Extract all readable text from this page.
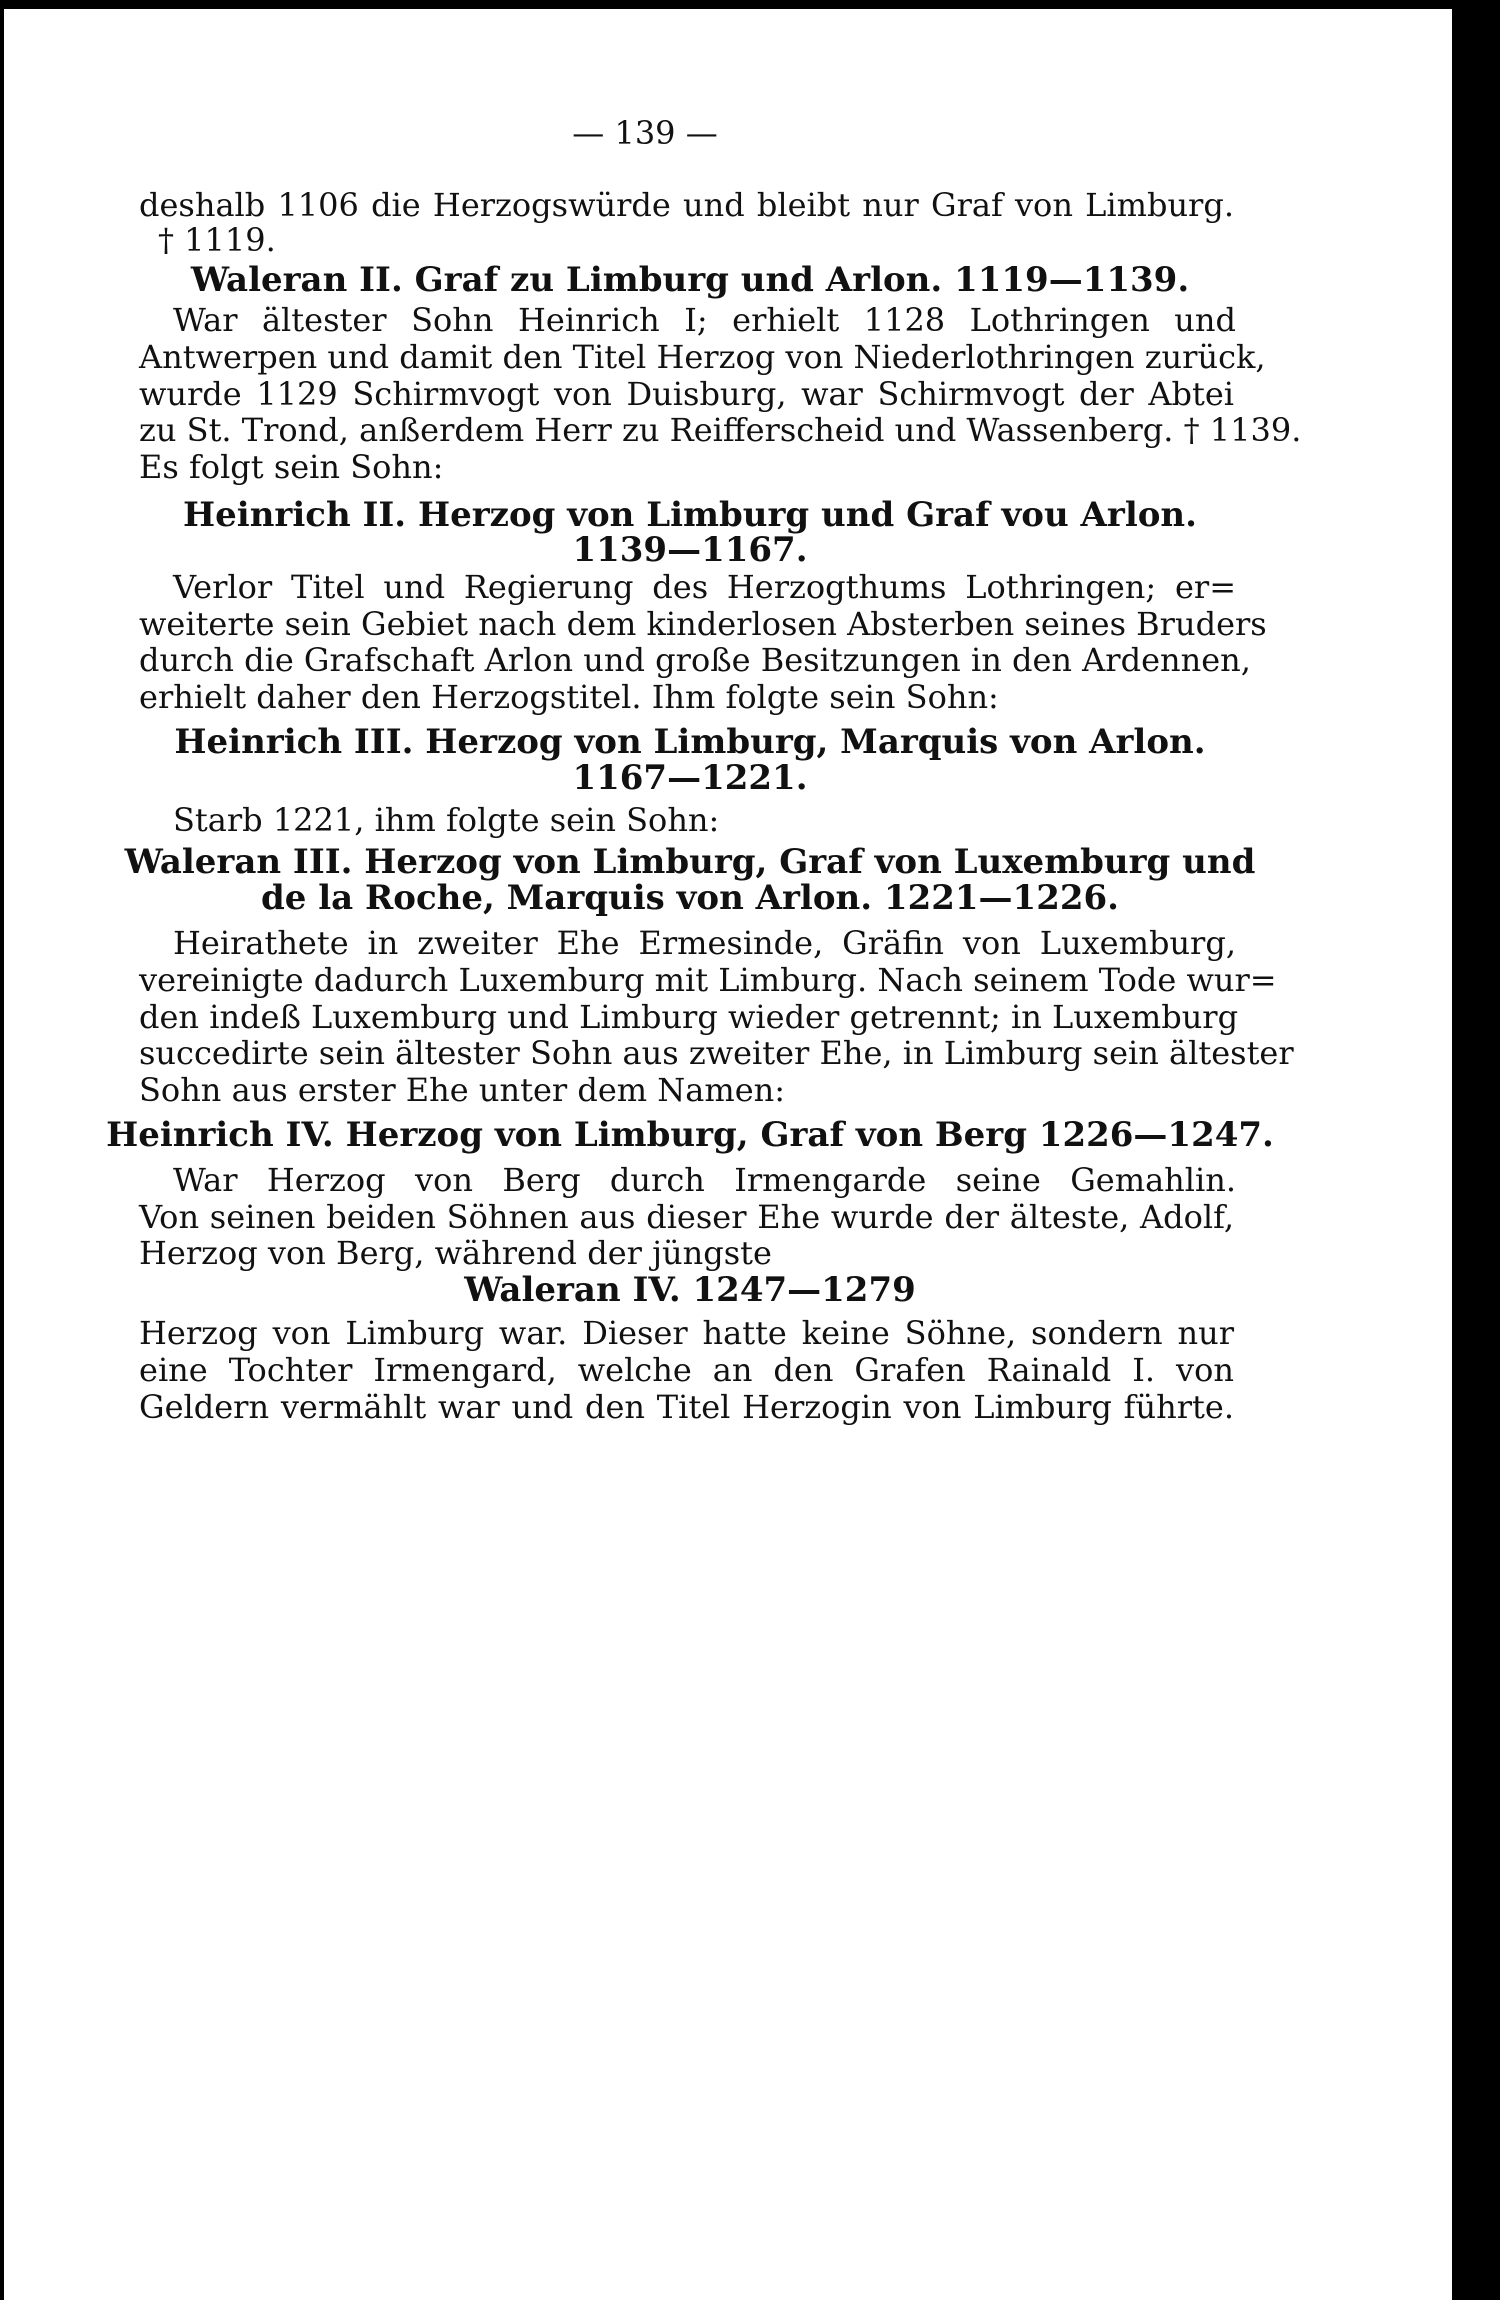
— 139 —
deshalb 1106 die Herzogswürde und bleibt nur Graf von Limburg.
† 1119.
Waleran II. Graf zu Limburg und Arlon. 1119—1139.
War ältester Sohn Heinrich I; erhielt 1128 Lothringen und
Antwerpen und damit den Titel Herzog von Niederlothringen zurück,
wurde 1129 Schirmvogt von Duisburg, war Schirmvogt der Abtei
zu St. Trond, anßerdem Herr zu Reifferscheid und Wassenberg. † 1139.
Es folgt sein Sohn:
Heinrich II. Herzog von Limburg und Graf vou Arlon.
1139—1167.
Verlor Titel und Regierung des Herzogthums Lothringen; er=
weiterte sein Gebiet nach dem kinderlosen Absterben seines Bruders
durch die Grafschaft Arlon und große Besitzungen in den Ardennen,
erhielt daher den Herzogstitel. Ihm folgte sein Sohn:
Heinrich III. Herzog von Limburg, Marquis von Arlon.
1167—1221.
Starb 1221, ihm folgte sein Sohn:
Waleran III. Herzog von Limburg, Graf von Luxemburg und
de la Roche, Marquis von Arlon. 1221—1226.
Heirathete in zweiter Ehe Ermesinde, Gräfin von Luxemburg,
vereinigte dadurch Luxemburg mit Limburg. Nach seinem Tode wur=
den indeß Luxemburg und Limburg wieder getrennt; in Luxemburg
succedirte sein ältester Sohn aus zweiter Ehe, in Limburg sein ältester
Sohn aus erster Ehe unter dem Namen:
Heinrich IV. Herzog von Limburg, Graf von Berg 1226—1247.
War Herzog von Berg durch Irmengarde seine Gemahlin.
Von seinen beiden Söhnen aus dieser Ehe wurde der älteste, Adolf,
Herzog von Berg, während der jüngste
Waleran IV. 1247—1279
Herzog von Limburg war. Dieser hatte keine Söhne, sondern nur
eine Tochter Irmengard, welche an den Grafen Rainald I. von
Geldern vermählt war und den Titel Herzogin von Limburg führte.
